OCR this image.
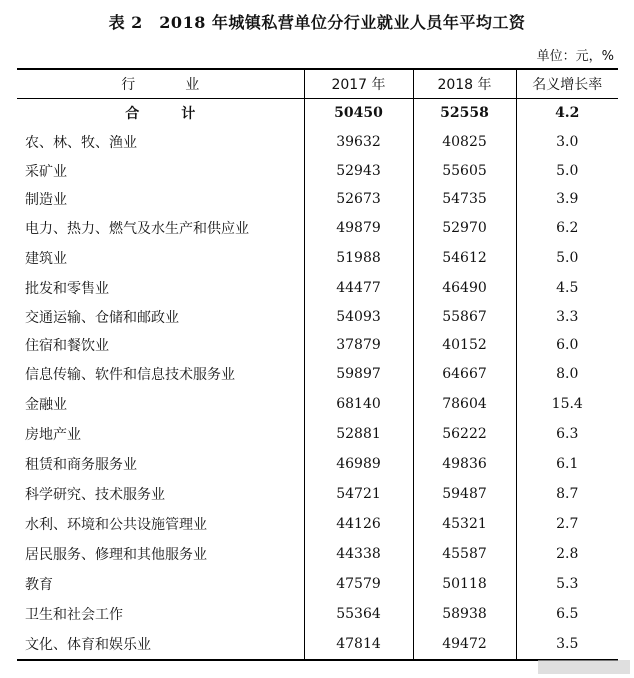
表 2　2018 年城镇私营单位分行业就业人员年平均工资
单位：元，%
行　业	2017 年	2018 年	名义增长率
合　计	50450	52558	4.2
农、林、牧、渔业	39632	40825	3.0
采矿业	52943	55605	5.0
制造业	52673	54735	3.9
电力、热力、燃气及水生产和供应业	49879	52970	6.2
建筑业	51988	54612	5.0
批发和零售业	44477	46490	4.5
交通运输、仓储和邮政业	54093	55867	3.3
住宿和餐饮业	37879	40152	6.0
信息传输、软件和信息技术服务业	59897	64667	8.0
金融业	68140	78604	15.4
房地产业	52881	56222	6.3
租赁和商务服务业	46989	49836	6.1
科学研究、技术服务业	54721	59487	8.7
水利、环境和公共设施管理业	44126	45321	2.7
居民服务、修理和其他服务业	44338	45587	2.8
教育	47579	50118	5.3
卫生和社会工作	55364	58938	6.5
文化、体育和娱乐业	47814	49472	3.5
